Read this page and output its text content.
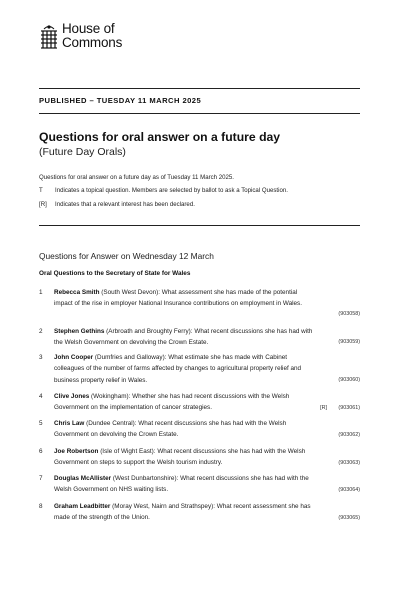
House of
Commons
PUBLISHED – TUESDAY 11 MARCH 2025
Questions for oral answer on a future day
(Future Day Orals)
Questions for oral answer on a future day as of Tuesday 11 March 2025.
T Indicates a topical question. Members are selected by ballot to ask a Topical Question.
[R] Indicates that a relevant interest has been declared.
Questions for Answer on Wednesday 12 March
Oral Questions to the Secretary of State for Wales
1 Rebecca Smith (South West Devon): What assessment she has made of the potential
impact of the rise in employer National Insurance contributions on employment in Wales.
(903058)
2 Stephen Gethins (Arbroath and Broughty Ferry): What recent discussions she has had with
the Welsh Government on devolving the Crown Estate.	(903059)
3 John Cooper (Dumfries and Galloway): What estimate she has made with Cabinet
colleagues of the number of farms affected by changes to agricultural property relief and
business property relief in Wales.	(903060)
4 Clive Jones (Wokingham): Whether she has had recent discussions with the Welsh
Government on the implementation of cancer strategies.	[R] (903061)
5 Chris Law (Dundee Central): What recent discussions she has had with the Welsh
Government on devolving the Crown Estate.	(903062)
6 Joe Robertson (Isle of Wight East): What recent discussions she has had with the Welsh
Government on steps to support the Welsh tourism industry.	(903063)
7 Douglas McAllister (West Dunbartonshire): What recent discussions she has had with the
Welsh Government on NHS waiting lists.	(903064)
8 Graham Leadbitter (Moray West, Nairn and Strathspey): What recent assessment she has
made of the strength of the Union.	(903065)
